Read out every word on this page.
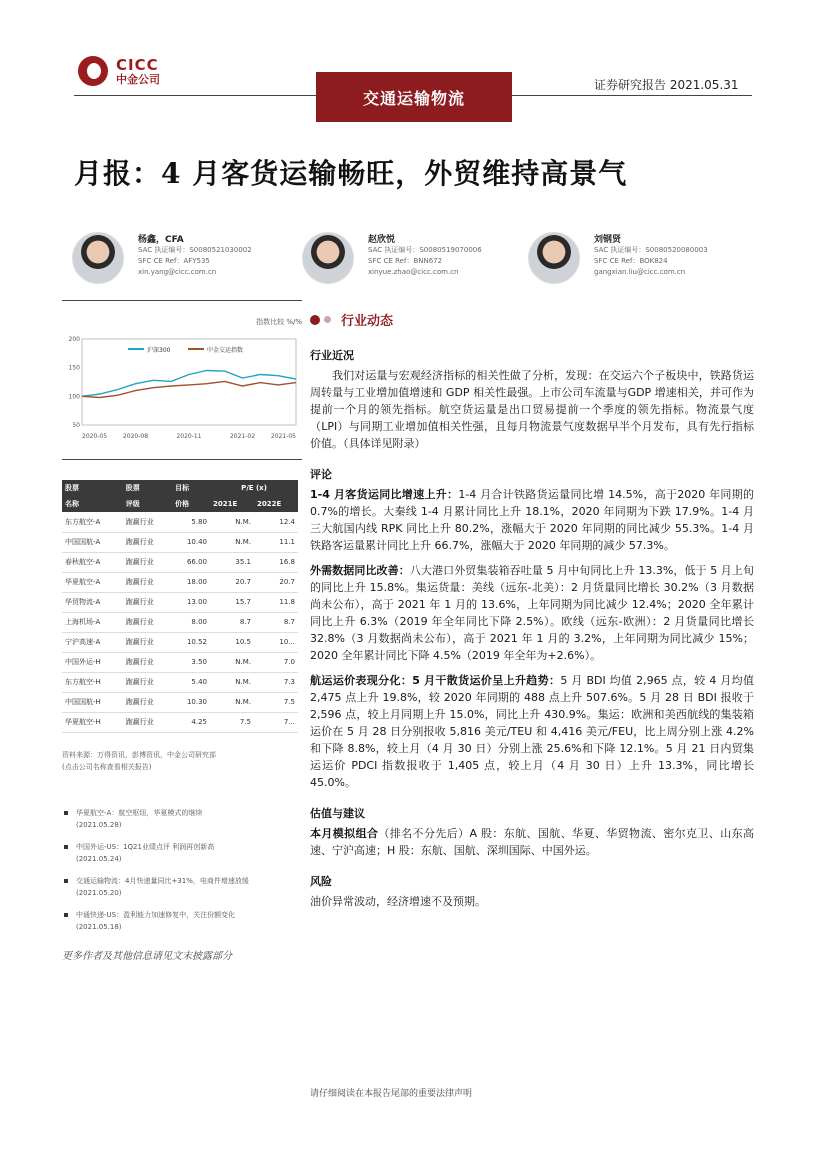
CICC
中金公司
交通运输物流
证券研究报告 2021.05.31
月报：4 月客货运输畅旺，外贸维持高景气
杨鑫，CFA
SAC 执证编号：S0080521030002
SFC CE Ref：AFY535
xin.yang@cicc.com.cn
赵欣悦
SAC 执证编号：S0080519070006
SFC CE Ref：BNN672
xinyue.zhao@cicc.com.cn
刘钢贤
SAC 执证编号：S0080520080003
SFC CE Ref：BOK824
gangxian.liu@cicc.com.cn
指数比较 %/%
200
150
100
50
2020-05	2020-08	2020-11	2021-02	2021-05
沪深300	中金交运指数
股票	股票	目标	P/E (x)	
名称	评级	价格	2021E	2022E
东方航空-A	跑赢行业	5.80	N.M.	12.4
中国国航-A	跑赢行业	10.40	N.M.	11.1
春秋航空-A	跑赢行业	66.00	35.1	16.8
华夏航空-A	跑赢行业	18.00	20.7	20.7
华贸物流-A	跑赢行业	13.00	15.7	11.8
上海机场-A	跑赢行业	8.00	8.7	8.7
宁沪高速-A	跑赢行业	10.52	10.5	10...
中国外运-H	跑赢行业	3.50	N.M.	7.0
东方航空-H	跑赢行业	5.40	N.M.	7.3
中国国航-H	跑赢行业	10.30	N.M.	7.5
华夏航空-H	跑赢行业	4.25	7.5	7...
资料来源：万得资讯，彭博资讯，中金公司研究部
(点击公司名称查看相关报告)
华夏航空-A：航空枢纽，华夏模式的继续
(2021.05.28)
中国外运-US：1Q21业绩点评 利润再创新高
(2021.05.24)
交通运输物流：4月快递量同比+31%，电商件增速放缓
(2021.05.20)
中通快递-US：盈利能力加速修复中，关注份额变化
(2021.05.18)
更多作者及其他信息请见文末披露部分
行业动态
行业近况
我们对运量与宏观经济指标的相关性做了分析，发现：在交运六个子板块中，铁路货运周转量与工业增加值增速和 GDP 相关性最强。上市公司车流量与GDP 增速相关，并可作为提前一个月的领先指标。航空货运量是出口贸易提前一个季度的领先指标。物流景气度（LPI）与同期工业增加值相关性强，且每月物流景气度数据早半个月发布，具有先行指标价值。（具体详见附录）
评论
1-4 月客货运同比增速上升：1-4 月合计铁路货运量同比增 14.5%，高于2020 年同期的 0.7%的增长。大秦线 1-4 月累计同比上升 18.1%，2020 年同期为下跌 17.9%。1-4 月三大航国内线 RPK 同比上升 80.2%，涨幅大于 2020 年同期的同比减少 55.3%。1-4 月铁路客运量累计同比上升 66.7%，涨幅大于 2020 年同期的减少 57.3%。
外需数据同比改善：八大港口外贸集装箱吞吐量 5 月中旬同比上升 13.3%，低于 5 月上旬的同比上升 15.8%。集运货量：美线（远东-北美）：2 月货量同比增长 30.2%（3 月数据尚未公布），高于 2021 年 1 月的 13.6%，上年同期为同比减少 12.4%；2020 全年累计同比上升 6.3%（2019 年全年同比下降 2.5%）。欧线（远东-欧洲）：2 月货量同比增长 32.8%（3 月数据尚未公布），高于 2021 年 1 月的 3.2%，上年同期为同比减少 15%；2020 全年累计同比下降 4.5%（2019 年全年为+2.6%）。
航运运价表现分化：5 月干散货运价呈上升趋势：5 月 BDI 均值 2,965 点，较 4 月均值 2,475 点上升 19.8%，较 2020 年同期的 488 点上升 507.6%。5 月 28 日 BDI 报收于 2,596 点，较上月同期上升 15.0%，同比上升 430.9%。集运：欧洲和美西航线的集装箱运价在 5 月 28 日分别报收 5,816 美元/TEU 和 4,416 美元/FEU，比上周分别上涨 4.2%和下降 8.8%，较上月（4 月 30 日）分别上涨 25.6%和下降 12.1%。5 月 21 日内贸集运运价 PDCI 指数报收于 1,405 点，较上月（4 月 30 日）上升 13.3%，同比增长 45.0%。
估值与建议
本月模拟组合（排名不分先后）A 股：东航、国航、华夏、华贸物流、密尔克卫、山东高速、宁沪高速；H 股：东航、国航、深圳国际、中国外运。
风险
油价异常波动，经济增速不及预期。
请仔细阅读在本报告尾部的重要法律声明
